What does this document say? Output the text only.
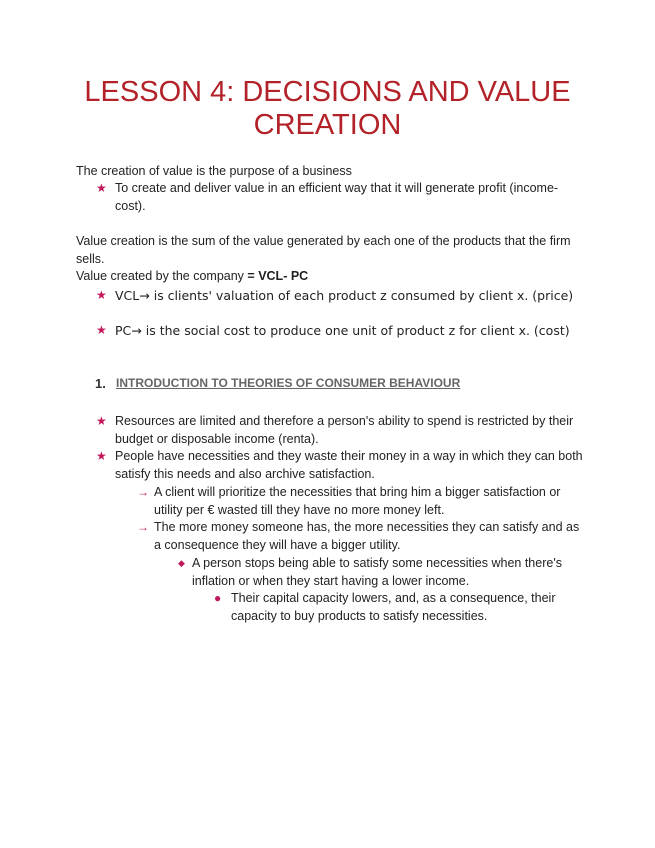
LESSON 4: DECISIONS AND VALUE CREATION

The creation of value is the purpose of a business

★ To create and deliver value in an efficient way that it will generate profit (income-cost).

Value creation is the sum of the value generated by each one of the products that the firm sells.

Value created by the company = VCL- PC

★ VCL→ is clients' valuation of each product z consumed by client x. (price)
★ PC→ is the social cost to produce one unit of product z for client x. (cost)
1. INTRODUCTION TO THEORIES OF CONSUMER BEHAVIOUR
★ Resources are limited and therefore a person's ability to spend is restricted by their budget or disposable income (renta).
★ People have necessities and they waste their money in a way in which they can both satisfy this needs and also archive satisfaction.
→ A client will prioritize the necessities that bring him a bigger satisfaction or utility per € wasted till they have no more money left.
→ The more money someone has, the more necessities they can satisfy and as a consequence they will have a bigger utility.
◆ A person stops being able to satisfy some necessities when there's inflation or when they start having a lower income.
● Their capital capacity lowers, and, as a consequence, their capacity to buy products to satisfy necessities.
